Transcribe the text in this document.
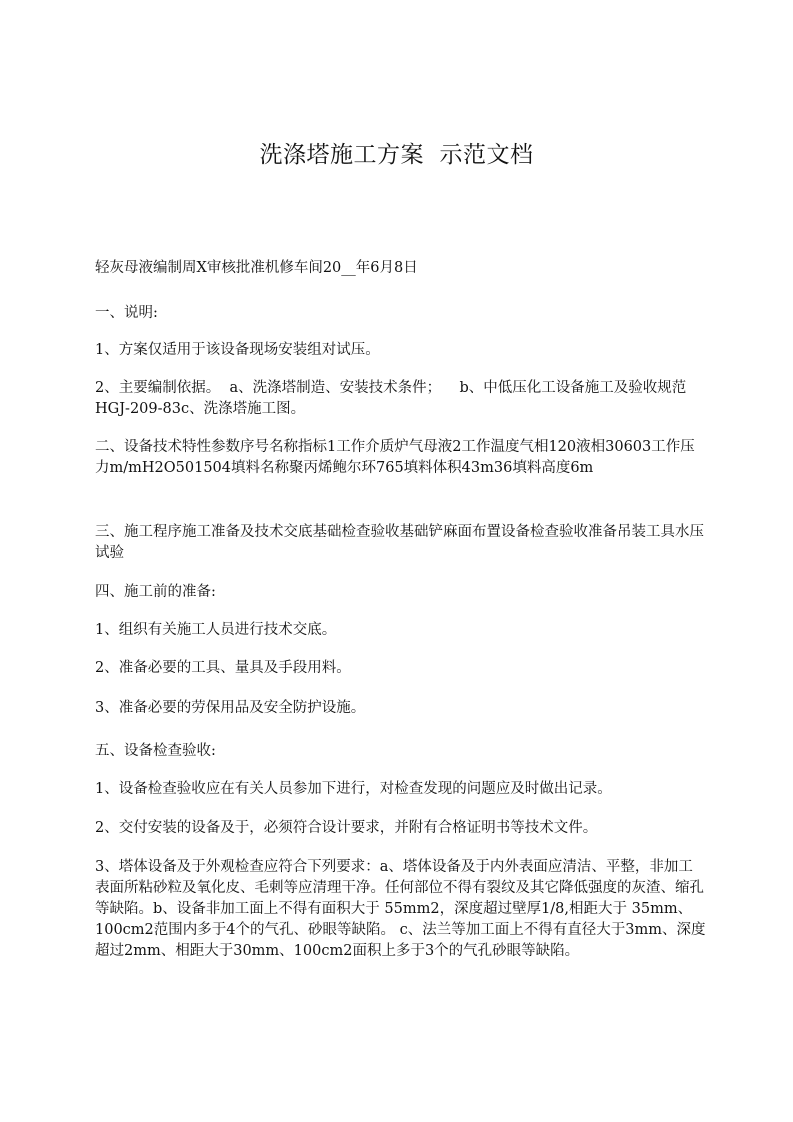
洗涤塔施工方案  示范文档

轻灰母液编制周X审核批准机修车间20__年6月8日

一、说明:

1、方案仅适用于该设备现场安装组对试压。

2、主要编制依据。  a、洗涤塔制造、安装技术条件；    b、中低压化工设备施工及验收规范HGJ-209-83c、洗涤塔施工图。

二、设备技术特性参数序号名称指标1工作介质炉气母液2工作温度气相120液相30603工作压力m/mH2O501504填料名称聚丙烯鲍尔环765填料体积43m36填料高度6m

三、施工程序施工准备及技术交底基础检查验收基础铲麻面布置设备检查验收准备吊装工具水压试验

四、施工前的准备:

1、组织有关施工人员进行技术交底。

2、准备必要的工具、量具及手段用料。

3、准备必要的劳保用品及安全防护设施。

五、设备检查验收:

1、设备检查验收应在有关人员参加下进行，对检查发现的问题应及时做出记录。

2、交付安装的设备及于，必须符合设计要求，并附有合格证明书等技术文件。

3、塔体设备及于外观检查应符合下列要求：a、塔体设备及于内外表面应清洁、平整，非加工表面所粘砂粒及氧化皮、毛刺等应清理干净。任何部位不得有裂纹及其它降低强度的灰渣、缩孔等缺陷。b、设备非加工面上不得有面积大于 55mm2，深度超过壁厚1/8,相距大于 35mm、100cm2范围内多于4个的气孔、砂眼等缺陷。 c、法兰等加工面上不得有直径大于3mm、深度超过2mm、相距大于30mm、100cm2面积上多于3个的气孔砂眼等缺陷。
